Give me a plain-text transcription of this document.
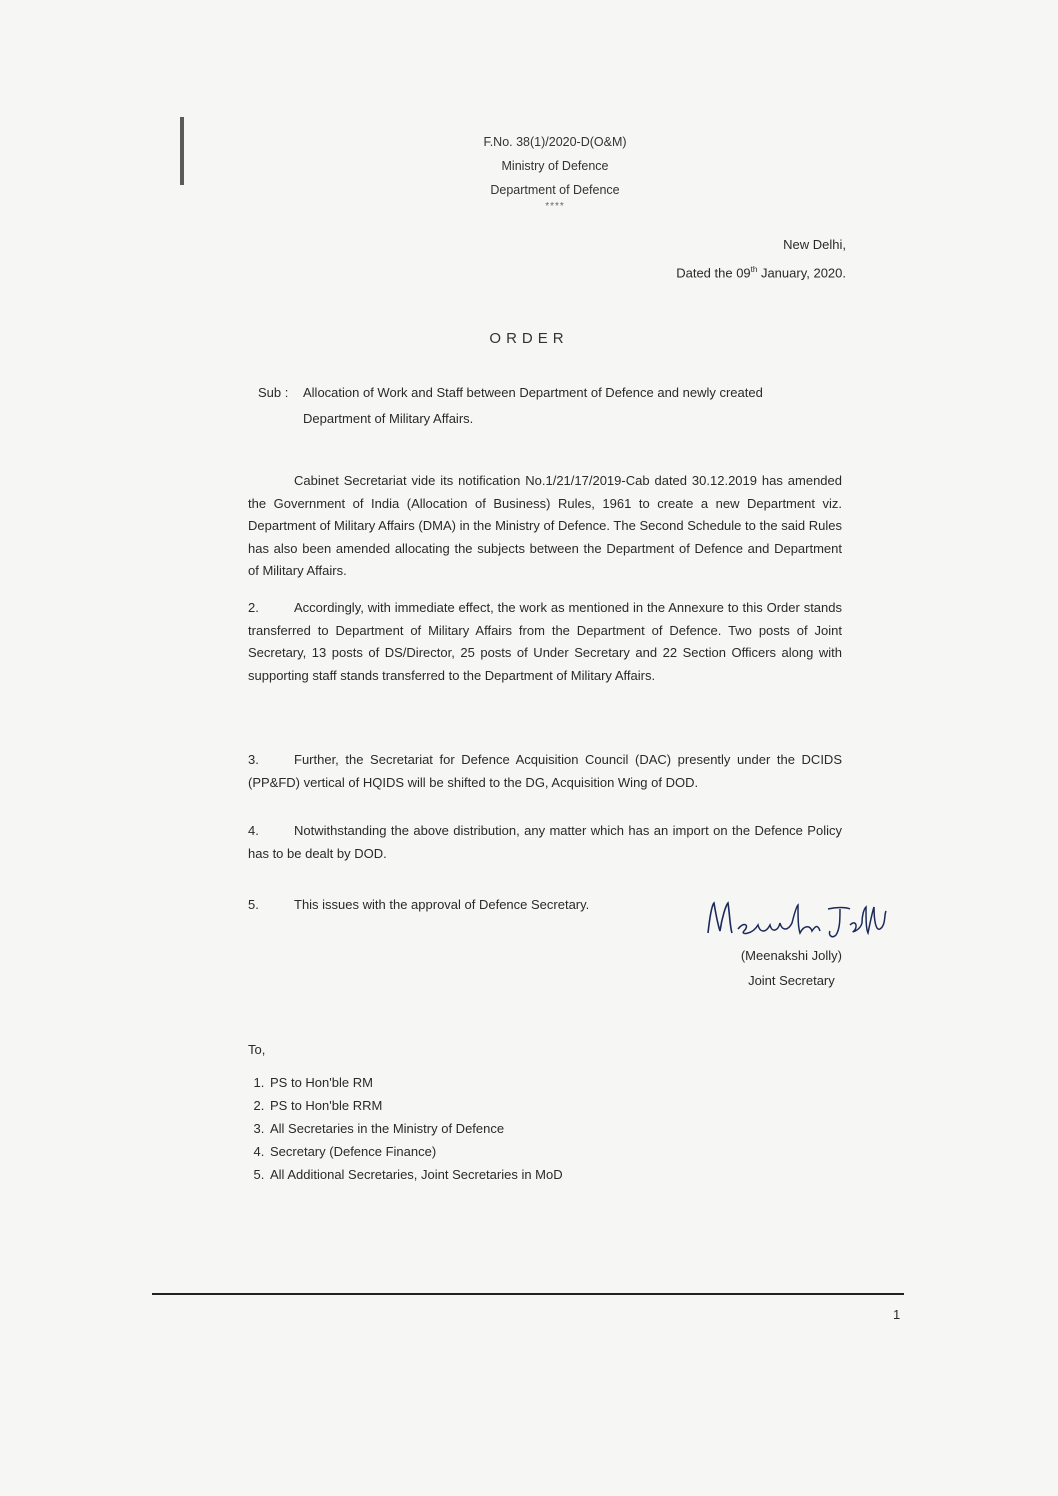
F.No. 38(1)/2020-D(O&M)
Ministry of Defence
Department of Defence
****
New Delhi,
Dated the 09th January, 2020.
ORDER
Sub : Allocation of Work and Staff between Department of Defence and newly created
Department of Military Affairs.
Cabinet Secretariat vide its notification No.1/21/17/2019-Cab dated 30.12.2019 has amended the Government of India (Allocation of Business) Rules, 1961 to create a new Department viz. Department of Military Affairs (DMA) in the Ministry of Defence. The Second Schedule to the said Rules has also been amended allocating the subjects between the Department of Defence and Department of Military Affairs.
2.	Accordingly, with immediate effect, the work as mentioned in the Annexure to this Order stands transferred to Department of Military Affairs from the Department of Defence. Two posts of Joint Secretary, 13 posts of DS/Director, 25 posts of Under Secretary and 22 Section Officers along with supporting staff stands transferred to the Department of Military Affairs.
3.	Further, the Secretariat for Defence Acquisition Council (DAC) presently under the DCIDS (PP&FD) vertical of HQIDS will be shifted to the DG, Acquisition Wing of DOD.
4.	Notwithstanding the above distribution, any matter which has an import on the Defence Policy has to be dealt by DOD.
5.	This issues with the approval of Defence Secretary.
(Meenakshi Jolly)
Joint Secretary
To,
1. PS to Hon'ble RM
2. PS to Hon'ble RRM
3. All Secretaries in the Ministry of Defence
4. Secretary (Defence Finance)
5. All Additional Secretaries, Joint Secretaries in MoD
1
